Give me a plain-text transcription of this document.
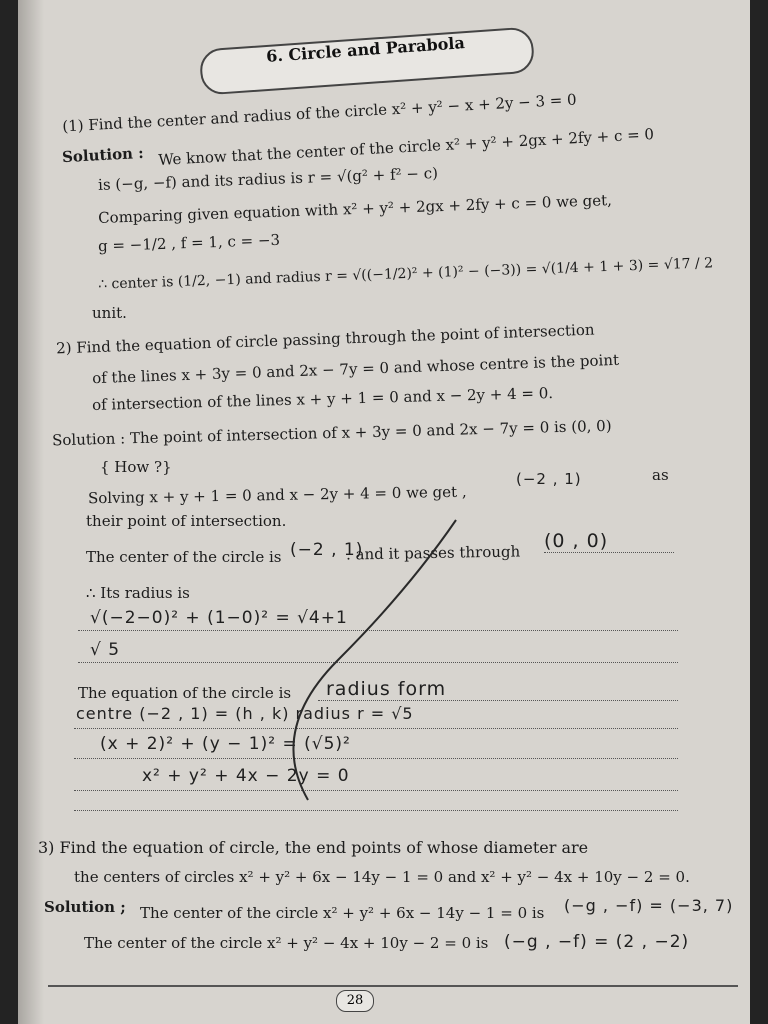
6. Circle and Parabola
(1) Find the center and radius of the circle x² + y² − x + 2y − 3 = 0
Solution : We know that the center of the circle x² + y² + 2gx + 2fy + c = 0
is (−g, −f) and its radius is r = √(g² + f² − c)
Comparing given equation with x² + y² + 2gx + 2fy + c = 0 we get,
g = −1/2 , f = 1, c = −3
∴ center is (1/2, −1) and radius r = √((−1/2)² + (1)² − (−3)) = √(1/4 + 1 + 3) = √17 / 2
unit.
2) Find the equation of circle passing through the point of intersection
of the lines x + 3y = 0 and 2x − 7y = 0 and whose centre is the point
of intersection of the lines x + y + 1 = 0 and x − 2y + 4 = 0.
Solution : The point of intersection of x + 3y = 0 and 2x − 7y = 0 is (0, 0)
{ How ?}
Solving x + y + 1 = 0 and x − 2y + 4 = 0 we get ,
(−2 , 1)	as
their point of intersection.
The center of the circle is (−2 , 1)
. and it passes through
(0 , 0)
∴ Its radius is
√(−2−0)² + (1−0)² = √4+1
√ 5
The equation of the circle is radius form
centre (−2 , 1) = (h , k) radius r = √5
(x + 2)² + (y − 1)² = (√5)²
x² + y² + 4x − 2y = 0
3) Find the equation of circle, the end points of whose diameter are
the centers of circles x² + y² + 6x − 14y − 1 = 0 and x² + y² − 4x + 10y − 2 = 0.
Solution ; The center of the circle x² + y² + 6x − 14y − 1 = 0 is (−g , −f) = (−3, 7)
The center of the circle x² + y² − 4x + 10y − 2 = 0 is (−g , −f) = (2 , −2)
28
